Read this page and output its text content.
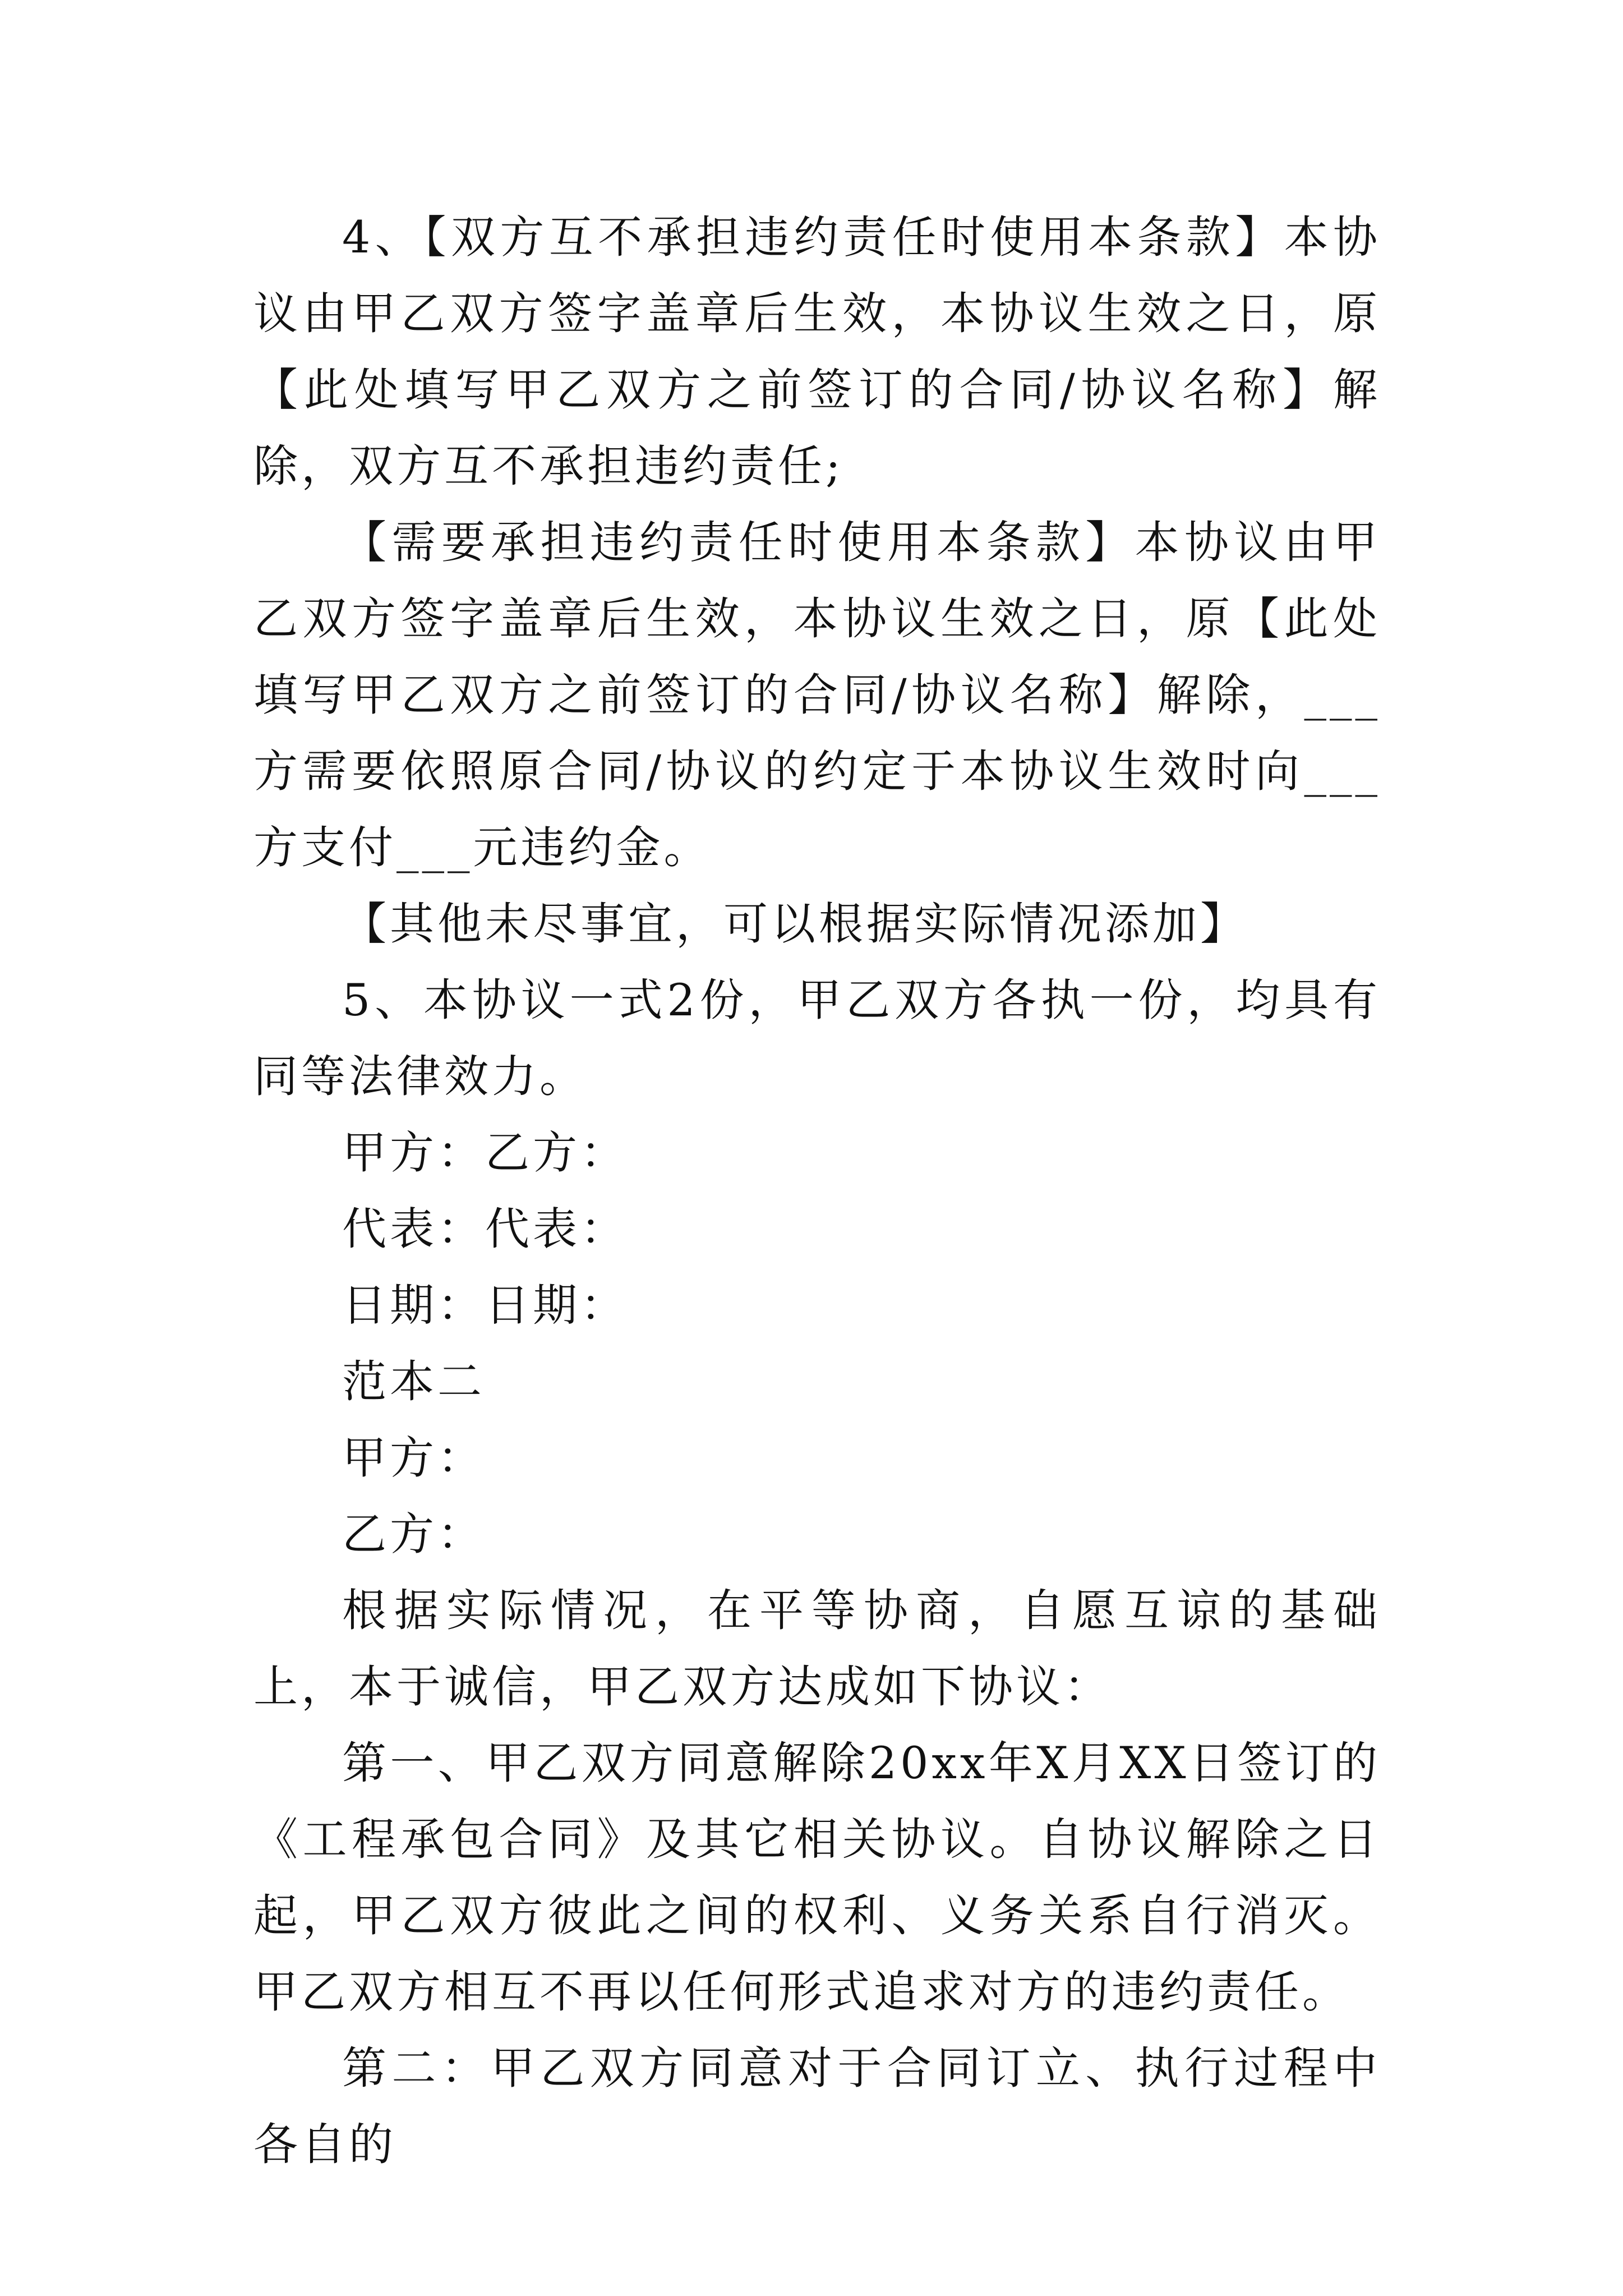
4、【双方互不承担违约责任时使用本条款】本协议由甲乙双方签字盖章后生效，本协议生效之日，原【此处填写甲乙双方之前签订的合同/协议名称】解除，双方互不承担违约责任;

【需要承担违约责任时使用本条款】本协议由甲乙双方签字盖章后生效，本协议生效之日，原【此处填写甲乙双方之前签订的合同/协议名称】解除，___方需要依照原合同/协议的约定于本协议生效时向___方支付___元违约金。

【其他未尽事宜，可以根据实际情况添加】

5、本协议一式2份，甲乙双方各执一份，均具有同等法律效力。

甲方：乙方：

代表：代表：

日期：日期：

范本二

甲方：

乙方：

根据实际情况，在平等协商，自愿互谅的基础上，本于诚信，甲乙双方达成如下协议：

第一、甲乙双方同意解除20xx年X月XX日签订的《工程承包合同》及其它相关协议。自协议解除之日起，甲乙双方彼此之间的权利、义务关系自行消灭。甲乙双方相互不再以任何形式追求对方的违约责任。

第二：甲乙双方同意对于合同订立、执行过程中各自的
